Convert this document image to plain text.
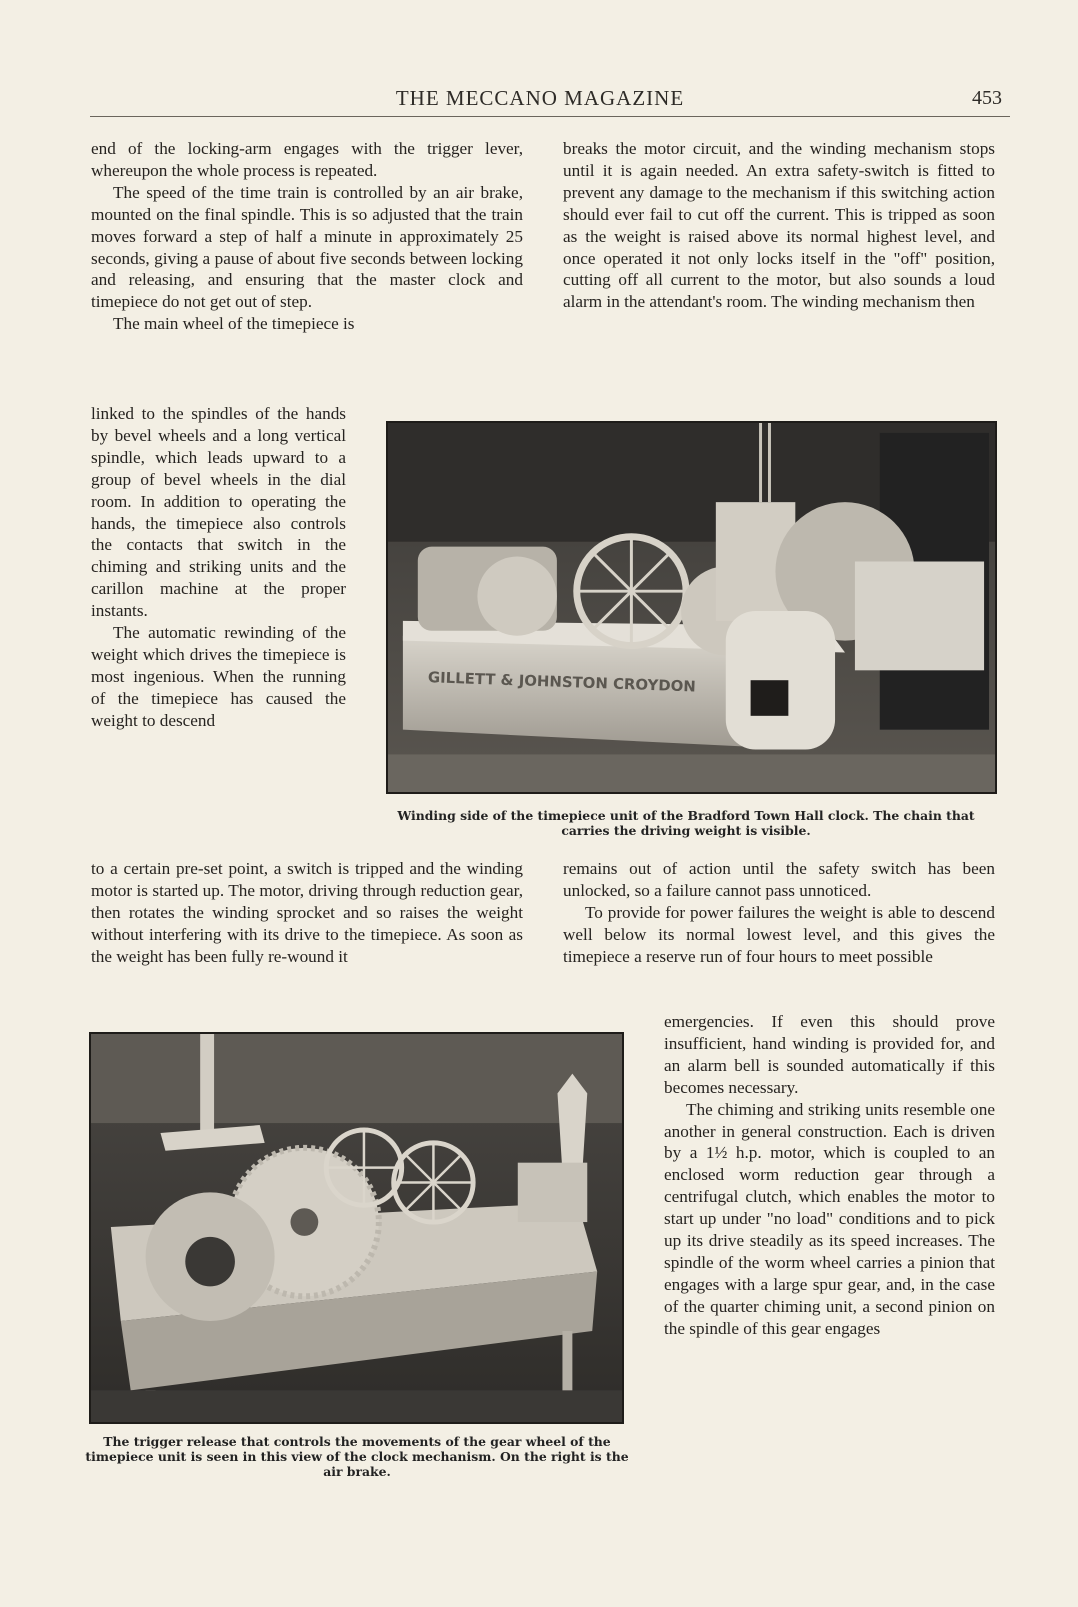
THE MECCANO MAGAZINE	453

end of the locking-arm engages with the trigger lever, whereupon the whole process is repeated.

The speed of the time train is controlled by an air brake, mounted on the final spindle. This is so adjusted that the train moves forward a step of half a minute in approximately 25 seconds, giving a pause of about five seconds between locking and releasing, and ensuring that the master clock and timepiece do not get out of step.

The main wheel of the timepiece is

linked to the spindles of the hands by bevel wheels and a long vertical spindle, which leads upward to a group of bevel wheels in the dial room. In addition to operating the hands, the timepiece also controls the contacts that switch in the chiming and striking units and the carillon machine at the proper instants.

The automatic rewinding of the weight which drives the timepiece is most ingenious. When the running of the timepiece has caused the weight to descend

to a certain pre-set point, a switch is tripped and the winding motor is started up. The motor, driving through reduction gear, then rotates the winding sprocket and so raises the weight without interfering with its drive to the timepiece. As soon as the weight has been fully re-wound it

breaks the motor circuit, and the winding mechanism stops until it is again needed. An extra safety-switch is fitted to prevent any damage to the mechanism if this switching action should ever fail to cut off the current. This is tripped as soon as the weight is raised above its normal highest level, and once operated it not only locks itself in the "off" position, cutting off all current to the motor, but also sounds a loud alarm in the attendant's room. The winding mechanism then

remains out of action until the safety switch has been unlocked, so a failure cannot pass unnoticed.

To provide for power failures the weight is able to descend well below its normal lowest level, and this gives the timepiece a reserve run of four hours to meet possible

emergencies. If even this should prove insufficient, hand winding is provided for, and an alarm bell is sounded automatically if this becomes necessary.

The chiming and striking units resemble one another in general construction. Each is driven by a 1½ h.p. motor, which is coupled to an enclosed worm reduction gear through a centrifugal clutch, which enables the motor to start up under "no load" conditions and to pick up its drive steadily as its speed increases. The spindle of the worm wheel carries a pinion that engages with a large spur gear, and, in the case of the quarter chiming unit, a second pinion on the spindle of this gear engages

GILLETT & JOHNSTON CROYDON
Winding side of the timepiece unit of the Bradford Town Hall clock. The chain that carries the driving weight is visible.
The trigger release that controls the movements of the gear wheel of the timepiece unit is seen in this view of the clock mechanism. On the right is the air brake.
